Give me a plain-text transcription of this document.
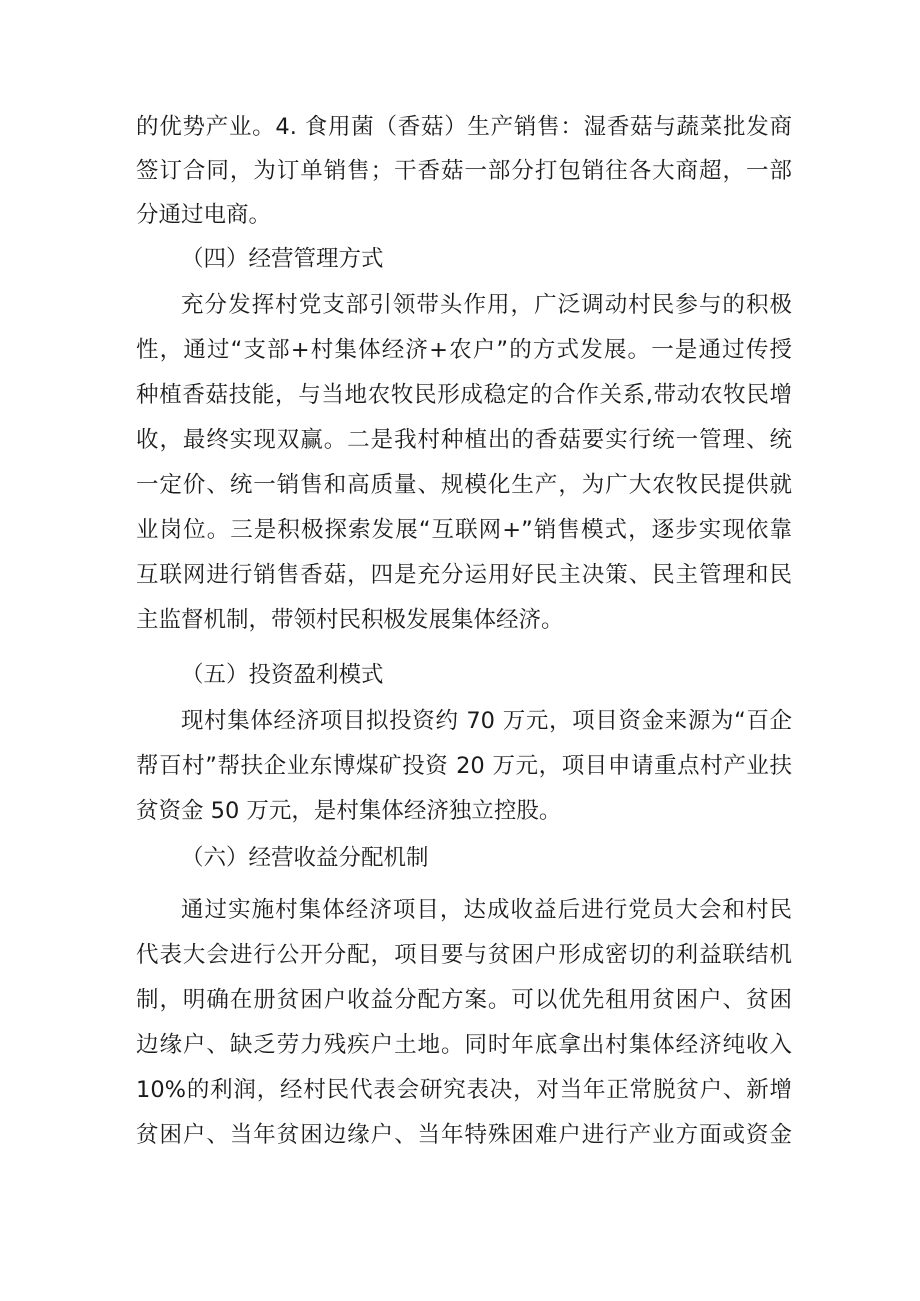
的优势产业。4. 食用菌（香菇）生产销售：湿香菇与蔬菜批发商
签订合同，为订单销售；干香菇一部分打包销往各大商超，一部
分通过电商。
（四）经营管理方式
充分发挥村党支部引领带头作用，广泛调动村民参与的积极
性，通过“支部+村集体经济+农户”的方式发展。一是通过传授
种植香菇技能，与当地农牧民形成稳定的合作关系,带动农牧民增
收，最终实现双赢。二是我村种植出的香菇要实行统一管理、统
一定价、统一销售和高质量、规模化生产，为广大农牧民提供就
业岗位。三是积极探索发展“互联网+”销售模式，逐步实现依靠
互联网进行销售香菇，四是充分运用好民主决策、民主管理和民
主监督机制，带领村民积极发展集体经济。
（五）投资盈利模式
现村集体经济项目拟投资约 70 万元，项目资金来源为“百企
帮百村”帮扶企业东博煤矿投资 20 万元，项目申请重点村产业扶
贫资金 50 万元，是村集体经济独立控股。
（六）经营收益分配机制
通过实施村集体经济项目，达成收益后进行党员大会和村民
代表大会进行公开分配，项目要与贫困户形成密切的利益联结机
制，明确在册贫困户收益分配方案。可以优先租用贫困户、贫困
边缘户、缺乏劳力残疾户土地。同时年底拿出村集体经济纯收入
10%的利润，经村民代表会研究表决，对当年正常脱贫户、新增
贫困户、当年贫困边缘户、当年特殊困难户进行产业方面或资金
